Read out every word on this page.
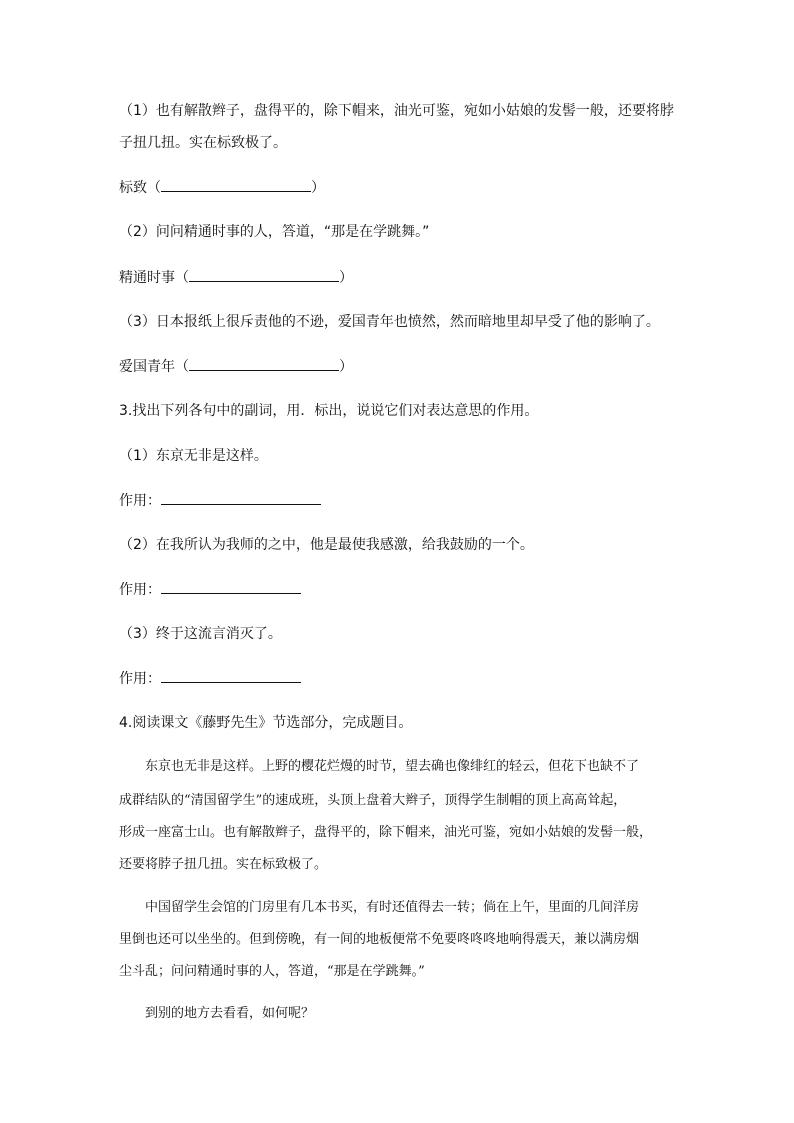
（1）也有解散辫子，盘得平的，除下帽来，油光可鉴，宛如小姑娘的发髻一般，还要将脖

子扭几扭。实在标致极了。

标致（	）

（2）问问精通时事的人，答道，“那是在学跳舞。”

精通时事（	）

（3）日本报纸上很斥责他的不逊，爱国青年也愤然，然而暗地里却早受了他的影响了。

爱国青年（	）

3.找出下列各句中的副词，用．标出，说说它们对表达意思的作用。

（1）东京无非是这样。

作用：

（2）在我所认为我师的之中，他是最使我感激，给我鼓励的一个。

作用：

（3）终于这流言消灭了。

作用：

4.阅读课文《藤野先生》节选部分，完成题目。

东京也无非是这样。上野的樱花烂熳的时节，望去确也像绯红的轻云，但花下也缺不了

成群结队的“清国留学生”的速成班，头顶上盘着大辫子，顶得学生制帽的顶上高高耸起，

形成一座富士山。也有解散辫子，盘得平的，除下帽来，油光可鉴，宛如小姑娘的发髻一般，

还要将脖子扭几扭。实在标致极了。

中国留学生会馆的门房里有几本书买，有时还值得去一转；倘在上午，里面的几间洋房

里倒也还可以坐坐的。但到傍晚，有一间的地板便常不免要咚咚咚地响得震天，兼以满房烟

尘斗乱；问问精通时事的人，答道，“那是在学跳舞。”

到别的地方去看看，如何呢？
